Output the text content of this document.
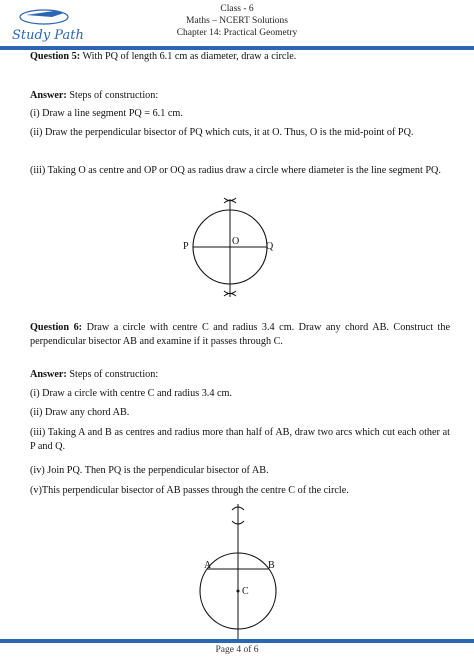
Class - 6
Maths – NCERT Solutions
Chapter 14: Practical Geometry
Study Path

Question 5: With PQ of length 6.1 cm as diameter, draw a circle.

Answer: Steps of construction:

(i) Draw a line segment PQ = 6.1 cm.

(ii) Draw the perpendicular bisector of PQ which cuts, it at O. Thus, O is the mid-point of PQ.

(iii) Taking O as centre and OP or OQ as radius draw a circle where diameter is the line segment PQ.

Question 6: Draw a circle with centre C and radius 3.4 cm. Draw any chord AB. Construct the perpendicular bisector AB and examine if it passes through C.

Answer: Steps of construction:

(i) Draw a circle with centre C and radius 3.4 cm.

(ii) Draw any chord AB.

(iii) Taking A and B as centres and radius more than half of AB, draw two arcs which cut each other at P and Q.

(iv) Join PQ. Then PQ is the perpendicular bisector of AB.

(v)This perpendicular bisector of AB passes through the centre C of the circle.

P	Q
O
A	B
C
Page 4 of 6
